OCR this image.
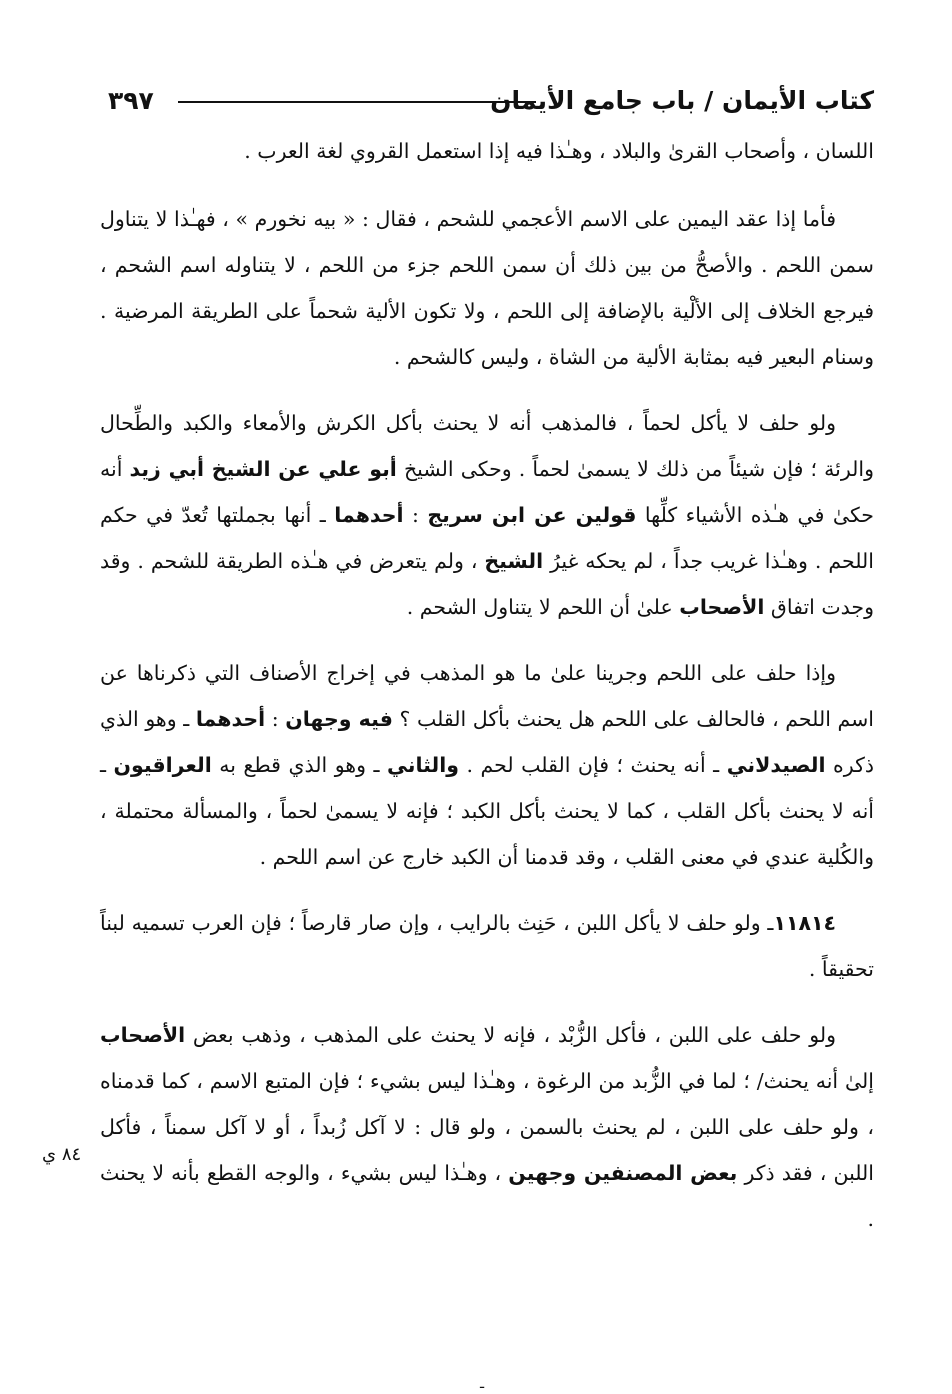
كتاب الأيمان / باب جامع الأيمان
٣٩٧

اللسان ، وأصحاب القرىٰ والبلاد ، وهـٰذا فيه إذا استعمل القروي لغة العرب .

فأما إذا عقد اليمين على الاسم الأعجمي للشحم ، فقال : « بيه نخورم » ، فهـٰذا لا يتناول سمن اللحم . والأصحُّ من بين ذلك أن سمن اللحم جزء من اللحم ، لا يتناوله اسم الشحم ، فيرجع الخلاف إلى الألْية بالإضافة إلى اللحم ، ولا تكون الألية شحماً على الطريقة المرضية . وسنام البعير فيه بمثابة الألية من الشاة ، وليس كالشحم .

ولو حلف لا يأكل لحماً ، فالمذهب أنه لا يحنث بأكل الكرش والأمعاء والكبد والطِّحال والرئة ؛ فإن شيئاً من ذلك لا يسمىٰ لحماً . وحكى الشيخ أبو علي عن الشيخ أبي زيد أنه حكىٰ في هـٰذه الأشياء كلِّها قولين عن ابن سريج : أحدهما ـ أنها بجملتها تُعدّ في حكم اللحم . وهـٰذا غريب جداً ، لم يحكه غيرُ الشيخ ، ولم يتعرض في هـٰذه الطريقة للشحم . وقد وجدت اتفاق الأصحاب علىٰ أن اللحم لا يتناول الشحم .

وإذا حلف على اللحم وجرينا علىٰ ما هو المذهب في إخراج الأصناف التي ذكرناها عن اسم اللحم ، فالحالف على اللحم هل يحنث بأكل القلب ؟ فيه وجهان : أحدهما ـ وهو الذي ذكره الصيدلاني ـ أنه يحنث ؛ فإن القلب لحم . والثاني ـ وهو الذي قطع به العراقيون ـ أنه لا يحنث بأكل القلب ، كما لا يحنث بأكل الكبد ؛ فإنه لا يسمىٰ لحماً ، والمسألة محتملة ، والكُلية عندي في معنى القلب ، وقد قدمنا أن الكبد خارج عن اسم اللحم .

١١٨١٤ـ ولو حلف لا يأكل اللبن ، حَنِث بالرايب ، وإن صار قارصاً ؛ فإن العرب تسميه لبناً تحقيقاً .

ولو حلف على اللبن ، فأكل الزُّبْد ، فإنه لا يحنث على المذهب ، وذهب بعض الأصحاب إلىٰ أنه يحنث/ ؛ لما في الزُّبد من الرغوة ، وهـٰذا ليس بشيء ؛ فإن المتبع الاسم ، كما قدمناه ، ولو حلف على اللبن ، لم يحنث بالسمن ، ولو قال : لا آكل زُبداً ، أو لا آكل سمناً ، فأكل اللبن ، فقد ذكر بعض المصنفين وجهين ، وهـٰذا ليس بشيء ، والوجه القطع بأنه لا يحنث .

٨٤ ي
ـ
